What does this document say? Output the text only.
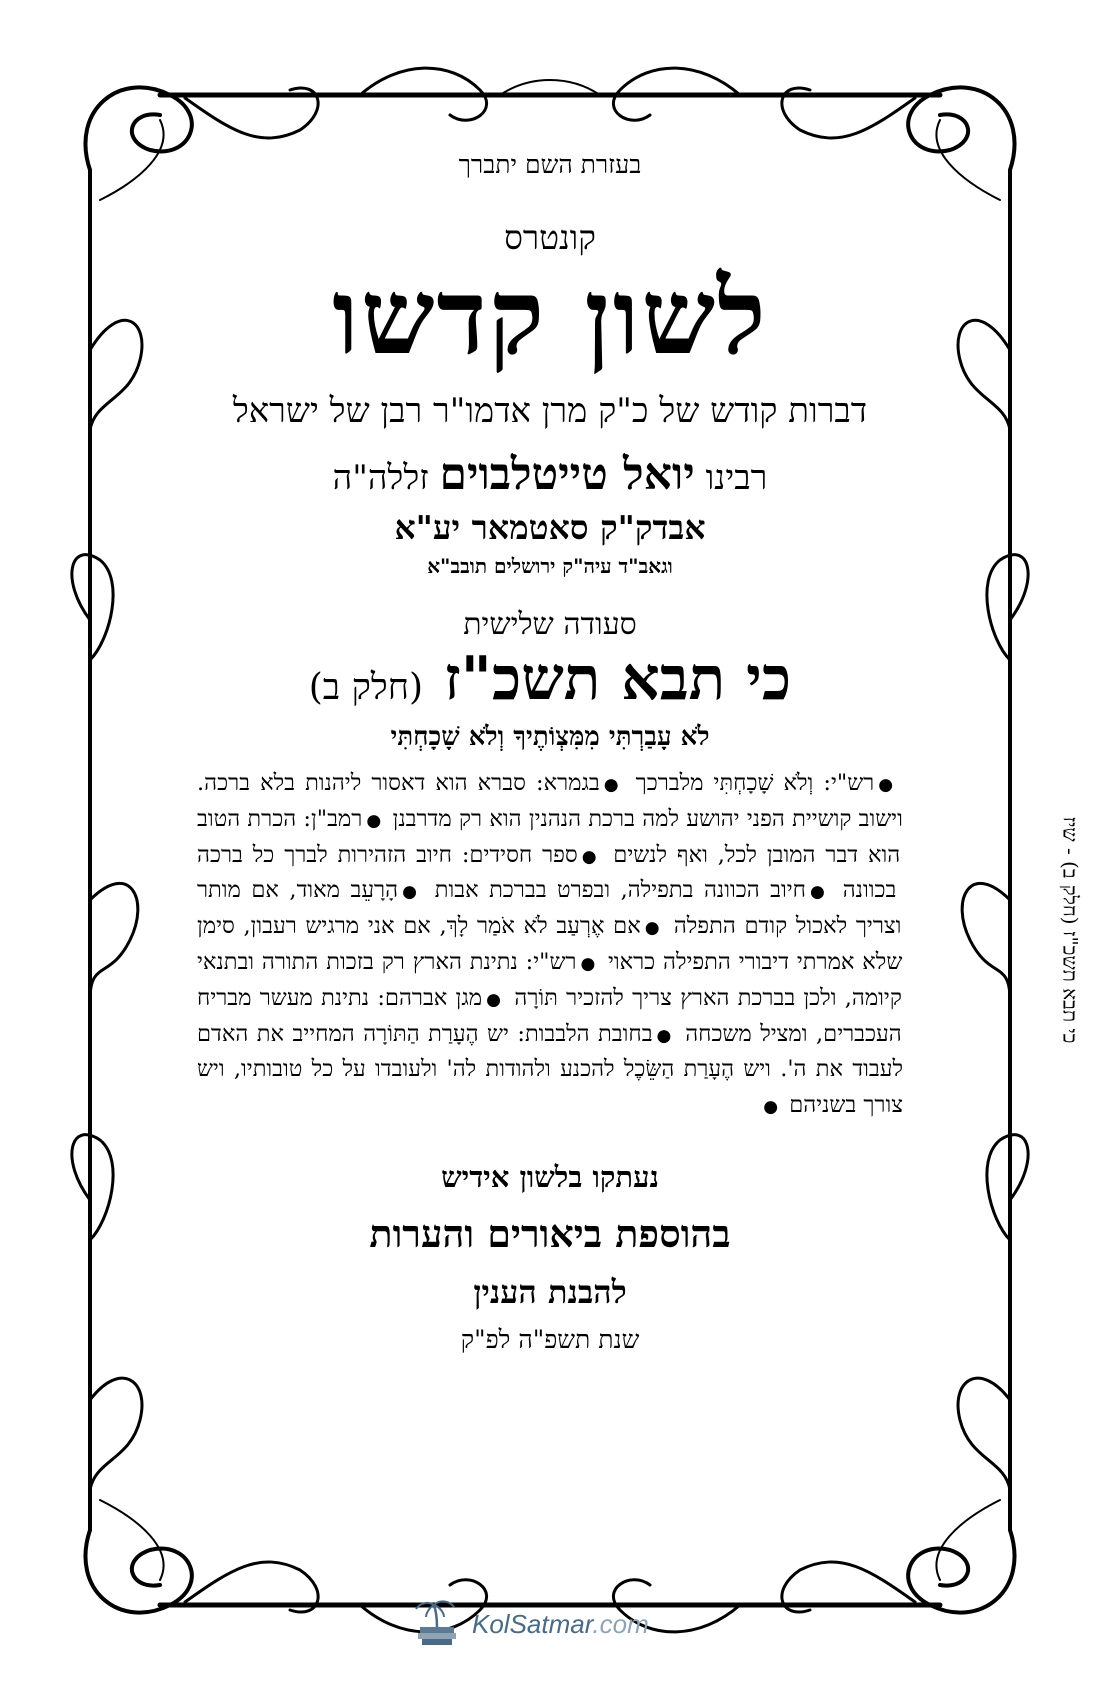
כי תבא תשכ"ז (חלק ב) - שיז
בעזרת השם יתברך
קונטרס
לשון קדשו
דברות קודש של כ"ק מרן אדמו"ר רבן של ישראל
רבינו יואל טייטלבוים זללה"ה
אבדק"ק סאטמאר יע"א
וגאב"ד עיה"ק ירושלים תובב"א
סעודה שלישית
כי תבא תשכ"ז (חלק ב)
לֹא עָבַרְתִּי מִמִּצְוֹתֶיךָ וְלֹא שָׁכָחְתִּי
●רש"י: וְלֹא שָׁכָחְתִּי מלברכך ●בגמרא: סברא הוא דאסור ליהנות בלא ברכה. וישוב קושיית הפני יהושע למה ברכת הנהנין הוא רק מדרבנן ●רמב"ן: הכרת הטוב הוא דבר המובן לכל, ואף לנשים ●ספר חסידים: חיוב הזהירות לברך כל ברכה בכוונה ●חיוב הכוונה בתפילה, ובפרט בברכת אבות ●הָרָעֵב מאוד, אם מותר וצריך לאכול קודם התפלה ●אם אֶרְעַב לֹא אֹמַר לָךְ, אם אני מרגיש רעבון, סימן שלא אמרתי דיבורי התפילה כראוי ●רש"י: נתינת הארץ רק בזכות התורה ובתנאי קיומה, ולכן בברכת הארץ צריך להזכיר תּוֹרָה ●מגן אברהם: נתינת מעשר מבריח העכברים, ומציל משכחה ●בחובת הלבבות: יש הֶעָרַת הַתּוֹרָה המחייב את האדם לעבוד את ה'. ויש הֶעָרַת הַשֵּׂכֶל להכנע ולהודות לה' ולעובדו על כל טובותיו, ויש צורך בשניהם ●
נעתקו בלשון אידיש
בהוספת ביאורים והערות
להבנת הענין
שנת תשפ"ה לפ"ק
KolSatmar.com
